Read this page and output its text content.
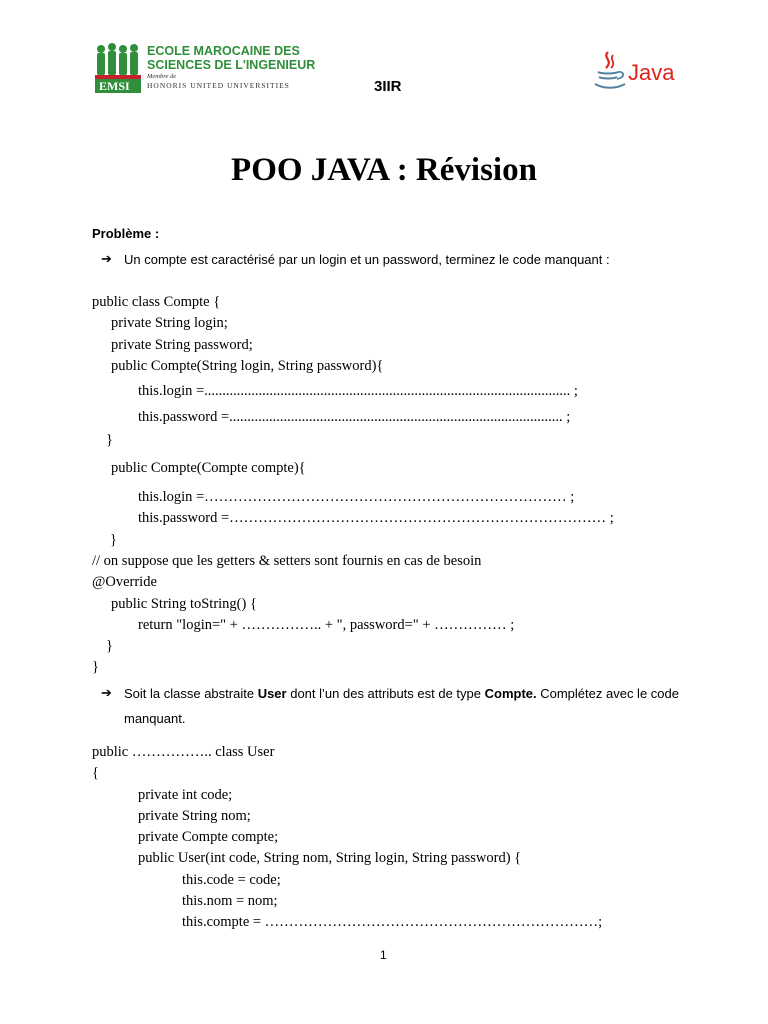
EMSI
ECOLE MAROCAINE DES
SCIENCES DE L'INGENIEUR
Membre de
HONORIS UNITED UNIVERSITIES	3IIR
Java
POO JAVA : Révision
Problème :
➔ Un compte est caractérisé par un login et un password, terminez le code manquant :
public class Compte {
private String login;
private String password;
public Compte(String login, String password){
this.login =..................................................................................................... ;
this.password =............................................................................................ ;
}
public Compte(Compte compte){
this.login =………………………………………………………………… ;
this.password =…………………………………………………………………… ;
}
// on suppose que les getters & setters sont fournis en cas de besoin
@Override
public String toString() {
return "login=" + …………….. + ", password=" + …………… ;
}
}
➔ Soit la classe abstraite User dont l’un des attributs est de type Compte. Complétez avec le code
manquant.
public …………….. class User
{
private int code;
private String nom;
private Compte compte;
public User(int code, String nom, String login, String password) {
this.code = code;
this.nom = nom;
this.compte = ……………………………………………………………;
1
